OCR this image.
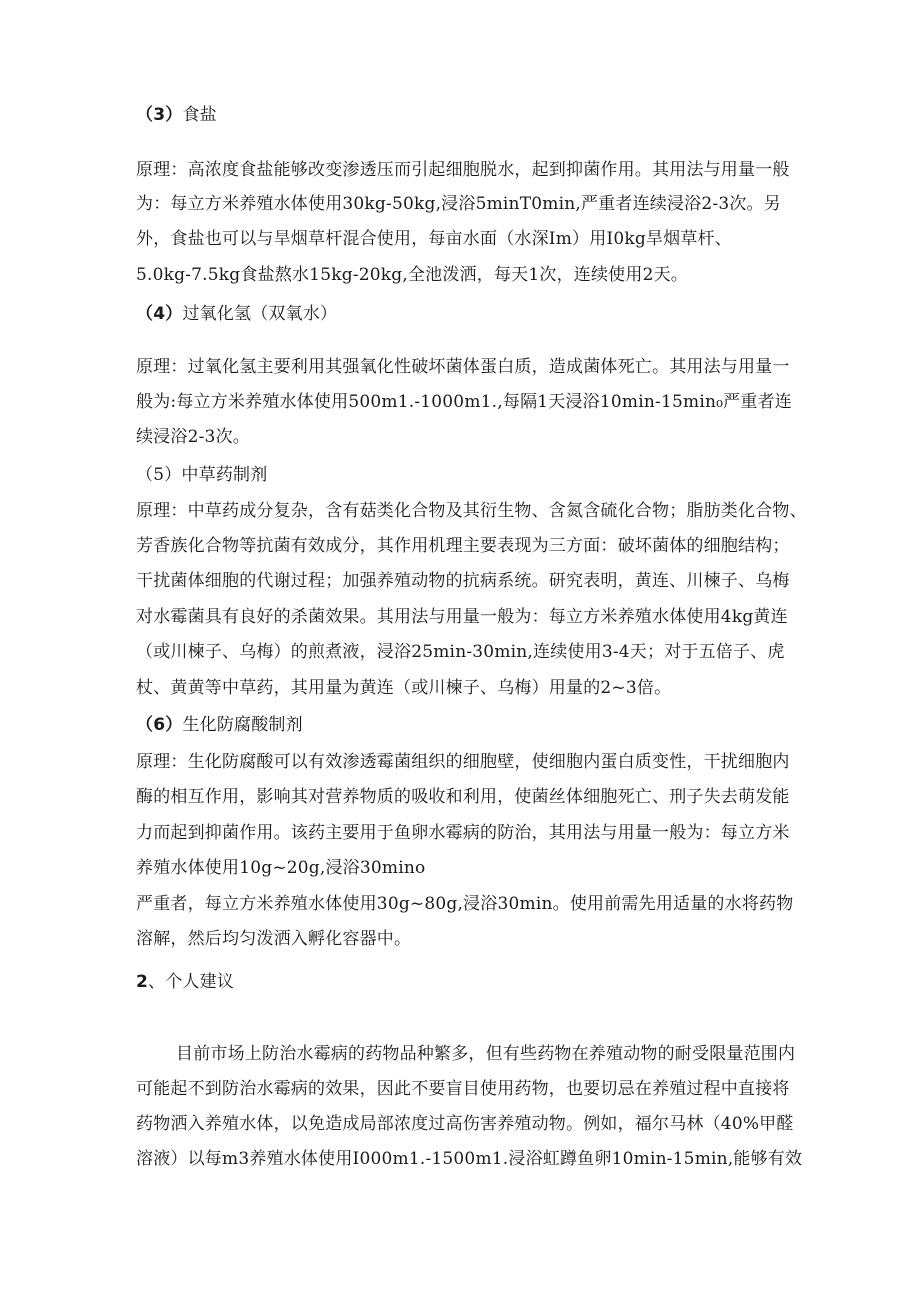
（3）食盐
原理：高浓度食盐能够改变渗透压而引起细胞脱水，起到抑菌作用。其用法与用量一般
为：每立方米养殖水体使用30kg-50kg,浸浴5minT0min,严重者连续浸浴2-3次。另
外，食盐也可以与旱烟草杆混合使用，每亩水面（水深Im）用I0kg旱烟草杆、
5.0kg-7.5kg食盐熬水15kg-20kg,全池泼洒，每天1次，连续使用2天。
（4）过氧化氢（双氧水）
原理：过氧化氢主要利用其强氧化性破坏菌体蛋白质，造成菌体死亡。其用法与用量一
般为:每立方米养殖水体使用500m1.-1000m1.,每隔1天浸浴10min-15min₀严重者连
续浸浴2-3次。
（5）中草药制剂
原理：中草药成分复杂，含有菇类化合物及其衍生物、含氮含硫化合物；脂肪类化合物、
芳香族化合物等抗菌有效成分，其作用机理主要表现为三方面：破坏菌体的细胞结构；
干扰菌体细胞的代谢过程；加强养殖动物的抗病系统。研究表明，黄连、川楝子、乌梅
对水霉菌具有良好的杀菌效果。其用法与用量一般为：每立方米养殖水体使用4kg黄连
（或川楝子、乌梅）的煎煮液，浸浴25min-30min,连续使用3-4天；对于五倍子、虎
杖、黄黄等中草药，其用量为黄连（或川楝子、乌梅）用量的2~3倍。
（6）生化防腐酸制剂
原理：生化防腐酸可以有效渗透霉菌组织的细胞壁，使细胞内蛋白质变性，干扰细胞内
酶的相互作用，影响其对营养物质的吸收和利用，使菌丝体细胞死亡、刑子失去萌发能
力而起到抑菌作用。该药主要用于鱼卵水霉病的防治，其用法与用量一般为：每立方米
养殖水体使用10g~20g,浸浴30mino
严重者，每立方米养殖水体使用30g~80g,浸浴30min。使用前需先用适量的水将药物
溶解，然后均匀泼洒入孵化容器中。
2、个人建议
目前市场上防治水霉病的药物品种繁多，但有些药物在养殖动物的耐受限量范围内
可能起不到防治水霉病的效果，因此不要盲目使用药物，也要切忌在养殖过程中直接将
药物洒入养殖水体，以免造成局部浓度过高伤害养殖动物。例如，福尔马林（40%甲醛
溶液）以每m3养殖水体使用I000m1.-1500m1.浸浴虹蹲鱼卵10min-15min,能够有效
